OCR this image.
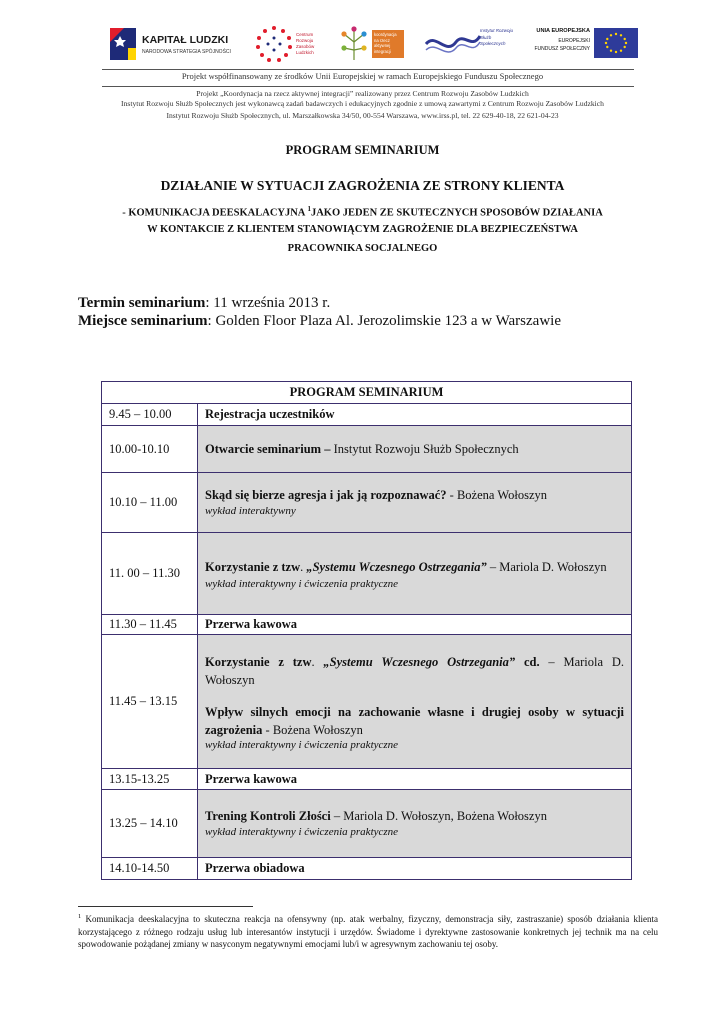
KAPITAŁ LUDZKI
NARODOWA STRATEGIA SPÓJNOŚCI
Centrum Rozwoju Zasobów Ludzkich
koordynacja na rzecz aktywnej integracji
Instytut Rozwoju Służb Społecznych
UNIA EUROPEJSKA
EUROPEJSKI
FUNDUSZ SPOŁECZNY
Projekt współfinansowany ze środków Unii Europejskiej w ramach Europejskiego Funduszu Społecznego
Projekt „Koordynacja na rzecz aktywnej integracji” realizowany przez Centrum Rozwoju Zasobów Ludzkich
Instytut Rozwoju Służb Społecznych jest wykonawcą zadań badawczych i edukacyjnych zgodnie z umową zawartymi z Centrum Rozwoju Zasobów Ludzkich
Instytut Rozwoju Służb Społecznych, ul. Marszałkowska 34/50, 00-554 Warszawa, www.irss.pl, tel. 22 629-40-18, 22 621-04-23
PROGRAM SEMINARIUM
DZIAŁANIE W SYTUACJI ZAGROŻENIA ZE STRONY KLIENTA
- KOMUNIKACJA DEESKALACYJNA $^1$JAKO JEDEN ZE SKUTECZNYCH SPOSOBÓW DZIAŁANIA
W KONTAKCIE Z KLIENTEM STANOWIĄCYM ZAGROŻENIE DLA BEZPIECZEŃSTWA
PRACOWNIKA SOCJALNEGO
Termin seminarium: 11 września 2013 r.
Miejsce seminarium: Golden Floor Plaza Al. Jerozolimskie 123 a w Warszawie
PROGRAM SEMINARIUM	
9.45 – 10.00	Rejestracja uczestników
10.00-10.10	Otwarcie seminarium – Instytut Rozwoju Służb Społecznych
10.10 – 11.00	Skąd się bierze agresja i jak ją rozpoznawać? - Bożena Wołoszyn
wykład interaktywny

11. 00 – 11.30	Korzystanie z tzw. „Systemu Wczesnego Ostrzegania” – Mariola D. Wołoszyn
wykład interaktywny i ćwiczenia praktyczne

11.30 – 11.45	Przerwa kawowa
11.45 – 13.15	Korzystanie z tzw. „Systemu Wczesnego Ostrzegania” cd. – Mariola D. Wołoszyn
Wpływ silnych emocji na zachowanie własne i drugiej osoby w sytuacji zagrożenia - Bożena Wołoszyn
wykład interaktywny i ćwiczenia praktyczne

13.15-13.25	Przerwa kawowa
13.25 – 14.10	Trening Kontroli Złości – Mariola D. Wołoszyn, Bożena Wołoszyn
wykład interaktywny i ćwiczenia praktyczne

14.10-14.50	Przerwa obiadowa
$^1$ Komunikacja deeskalacyjna to skuteczna reakcja na ofensywny (np. atak werbalny, fizyczny, demonstracja siły, zastraszanie) sposób działania klienta korzystającego z różnego rodzaju usług lub interesantów instytucji i urzędów. Świadome i dyrektywne zastosowanie konkretnych jej technik ma na celu spowodowanie pożądanej zmiany w nasyconym negatywnymi emocjami lub/i w agresywnym zachowaniu tej osoby.
